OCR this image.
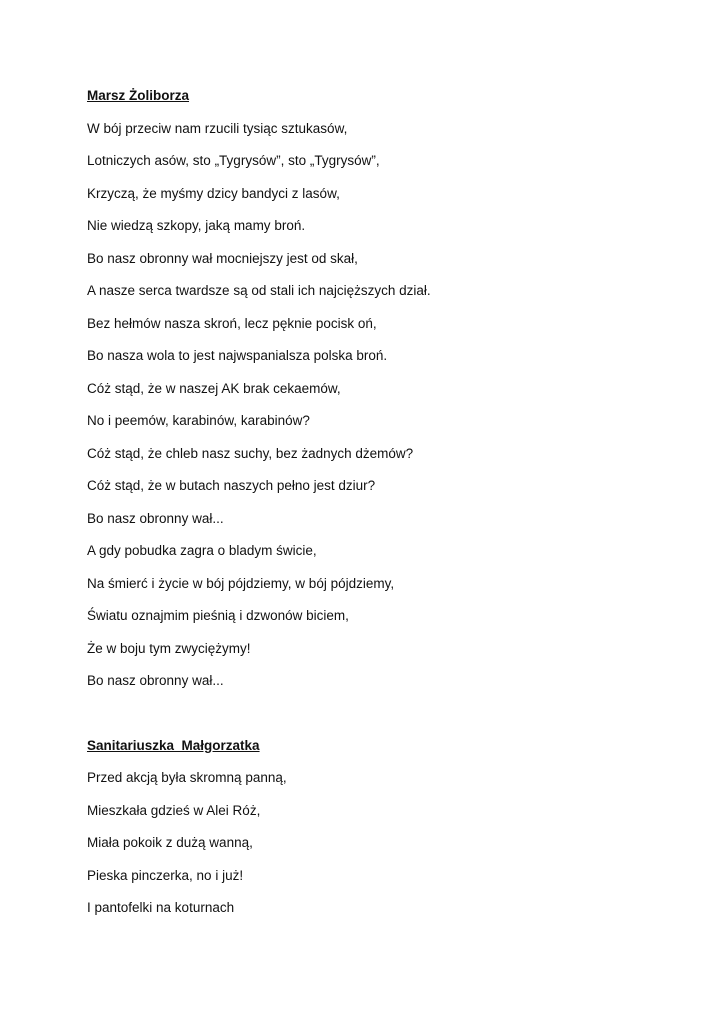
Marsz Żoliborza
W bój przeciw nam rzucili tysiąc sztukasów,
Lotniczych asów, sto „Tygrysów”, sto „Tygrysów”,
Krzyczą, że myśmy dzicy bandyci z lasów,
Nie wiedzą szkopy, jaką mamy broń.
Bo nasz obronny wał mocniejszy jest od skał,
A nasze serca twardsze są od stali ich najcięższych dział.
Bez hełmów nasza skroń, lecz pęknie pocisk oń,
Bo nasza wola to jest najwspanialsza polska broń.
Cóż stąd, że w naszej AK brak cekaemów,
No i peemów, karabinów, karabinów?
Cóż stąd, że chleb nasz suchy, bez żadnych dżemów?
Cóż stąd, że w butach naszych pełno jest dziur?
Bo nasz obronny wał...
A gdy pobudka zagra o bladym świcie,
Na śmierć i życie w bój pójdziemy, w bój pójdziemy,
Światu oznajmim pieśnią i dzwonów biciem,
Że w boju tym zwyciężymy!
Bo nasz obronny wał...
Sanitariuszka  Małgorzatka
Przed akcją była skromną panną,
Mieszkała gdzieś w Alei Róż,
Miała pokoik z dużą wanną,
Pieska pinczerka, no i już!
I pantofelki na koturnach
